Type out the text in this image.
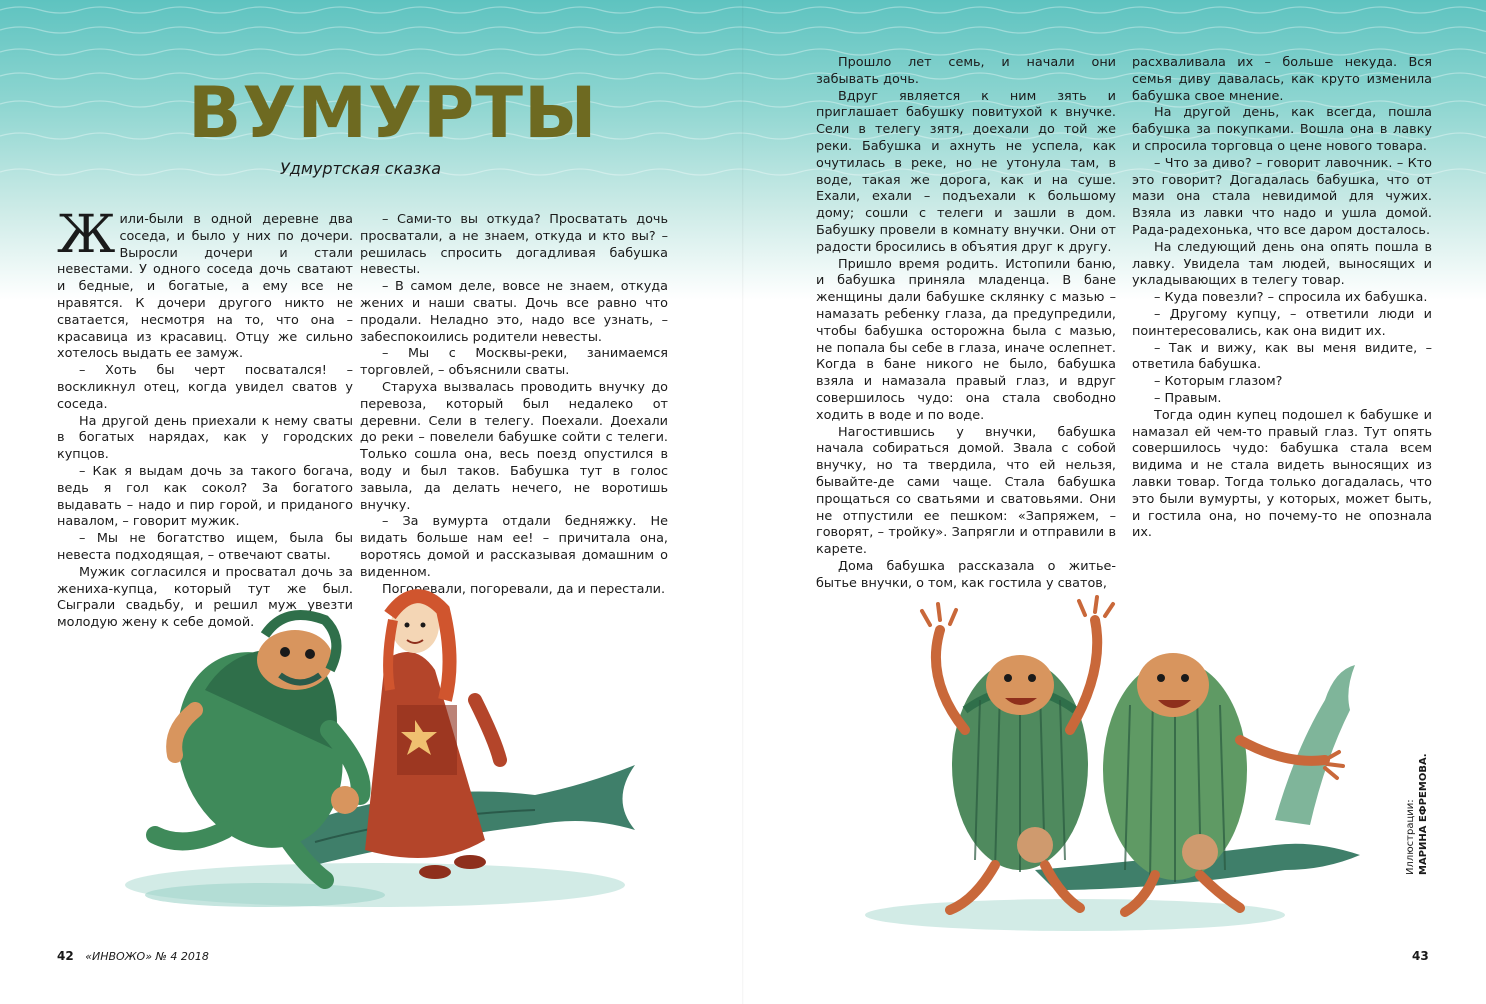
ВУМУРТЫ
Удмуртская сказка

Жили-были в одной деревне два соседа, и было у них по дочери. Выросли дочери и стали невестами. У одного соседа дочь сватают и бедные, и богатые, а ему все не нравятся. К дочери другого никто не сватается, несмотря на то, что она – красавица из красавиц. Отцу же сильно хотелось выдать ее замуж.

– Хоть бы черт посватался! – воскликнул отец, когда увидел сватов у соседа.

На другой день приехали к нему сваты в богатых нарядах, как у городских купцов.

– Как я выдам дочь за такого богача, ведь я гол как сокол? За богатого выдавать – надо и пир горой, и приданого навалом, – говорит мужик.

– Мы не богатство ищем, была бы невеста подходящая, – отвечают сваты.

Мужик согласился и просватал дочь за жениха-купца, который тут же был. Сыграли свадьбу, и решил муж увезти молодую жену к себе домой.

– Сами-то вы откуда? Просватать дочь просватали, а не знаем, откуда и кто вы? – решилась спросить догадливая бабушка невесты.

– В самом деле, вовсе не знаем, откуда жених и наши сваты. Дочь все равно что продали. Неладно это, надо все узнать, – забеспокоились родители невесты.

– Мы с Москвы-реки, занимаемся торговлей, – объяснили сваты.

Старуха вызвалась проводить внучку до перевоза, который был недалеко от деревни. Сели в телегу. Поехали. Доехали до реки – повелели бабушке сойти с телеги. Только сошла она, весь поезд опустился в воду и был таков. Бабушка тут в голос завыла, да делать нечего, не воротишь внучку.

– За вумурта отдали бедняжку. Не видать больше нам ее! – причитала она, воротясь домой и рассказывая домашним о виденном.

Погоревали, погоревали, да и перестали.

Прошло лет семь, и начали они забывать дочь.

Вдруг является к ним зять и приглашает бабушку повитухой к внучке. Сели в телегу зятя, доехали до той же реки. Бабушка и ахнуть не успела, как очутилась в реке, но не утонула там, в воде, такая же дорога, как и на суше. Ехали, ехали – подъехали к большому дому; сошли с телеги и зашли в дом. Бабушку провели в комнату внучки. Они от радости бросились в объятия друг к другу.

Пришло время родить. Истопили баню, и бабушка приняла младенца. В бане женщины дали бабушке склянку с мазью – намазать ребенку глаза, да предупредили, чтобы бабушка осторожна была с мазью, не попала бы себе в глаза, иначе ослепнет. Когда в бане никого не было, бабушка взяла и намазала правый глаз, и вдруг совершилось чудо: она стала свободно ходить в воде и по воде.

Нагостившись у внучки, бабушка начала собираться домой. Звала с собой внучку, но та твердила, что ей нельзя, бывайте-де сами чаще. Стала бабушка прощаться со сватьями и сватовьями. Они не отпустили ее пешком: «Запряжем, – говорят, – тройку». Запрягли и отправили в карете.

Дома бабушка рассказала о житье-бытье внучки, о том, как гостила у сватов,

расхваливала их – больше некуда. Вся семья диву давалась, как круто изменила бабушка свое мнение.

На другой день, как всегда, пошла бабушка за покупками. Вошла она в лавку и спросила торговца о цене нового товара.

– Что за диво? – говорит лавочник. – Кто это говорит? Догадалась бабушка, что от мази она стала невидимой для чужих. Взяла из лавки что надо и ушла домой. Рада-радехонька, что все даром досталось.

На следующий день она опять пошла в лавку. Увидела там людей, выносящих и укладывающих в телегу товар.

– Куда повезли? – спросила их бабушка.

– Другому купцу, – ответили люди и поинтересовались, как она видит их.

– Так и вижу, как вы меня видите, – ответила бабушка.

– Которым глазом?

– Правым.

Тогда один купец подошел к бабушке и намазал ей чем-то правый глаз. Тут опять совершилось чудо: бабушка стала всем видима и не стала видеть выносящих из лавки товар. Тогда только догадалась, что это были вумурты, у которых, может быть, и гостила она, но почему-то не опознала их.

Иллюстрации: МАРИНА ЕФРЕМОВА.
42 «ИНВОЖО» № 4 2018	43
